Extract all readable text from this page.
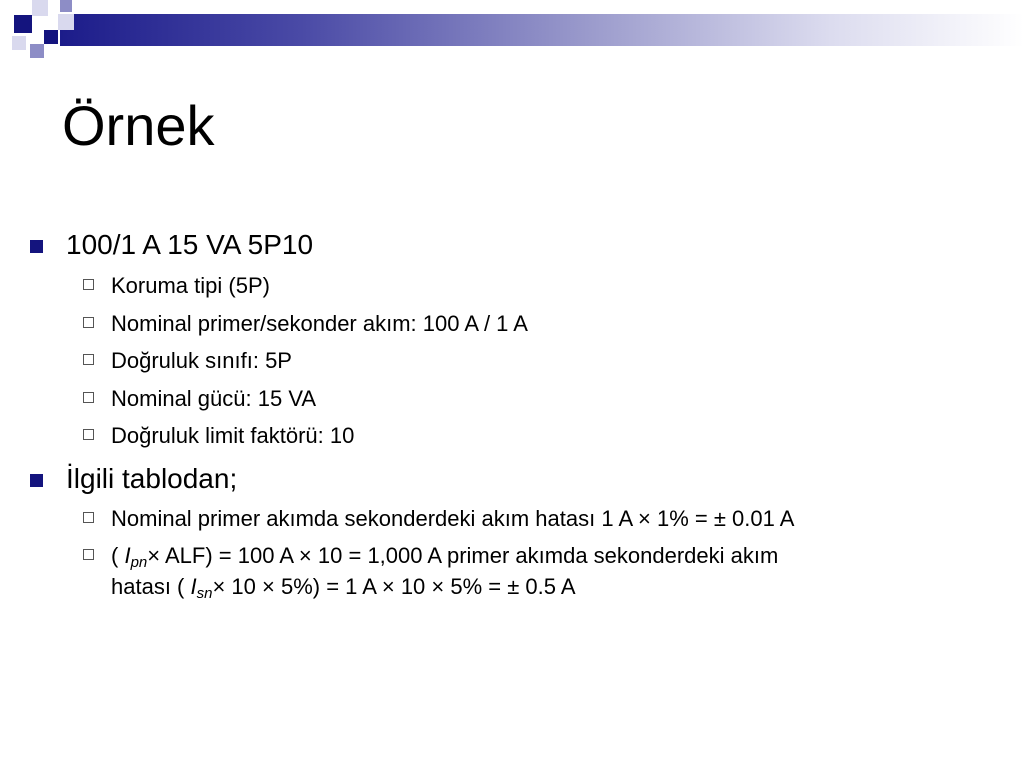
Örnek
100/1 A 15 VA 5P10
Koruma tipi (5P)
Nominal primer/sekonder akım: 100 A / 1 A
Doğruluk sınıfı: 5P
Nominal gücü: 15 VA
Doğruluk limit faktörü: 10
İlgili tablodan;
Nominal primer akımda sekonderdeki akım hatası 1 A × 1% = ± 0.01 A
( $I_{pn}\times ALF) = 100$ A × 10 = 1,000 A primer akımda sekonderdeki akım
hatası ( $I_{sn}\times 10 \times 5\%) = 1$ A × 10 × 5% = ± 0.5 A
